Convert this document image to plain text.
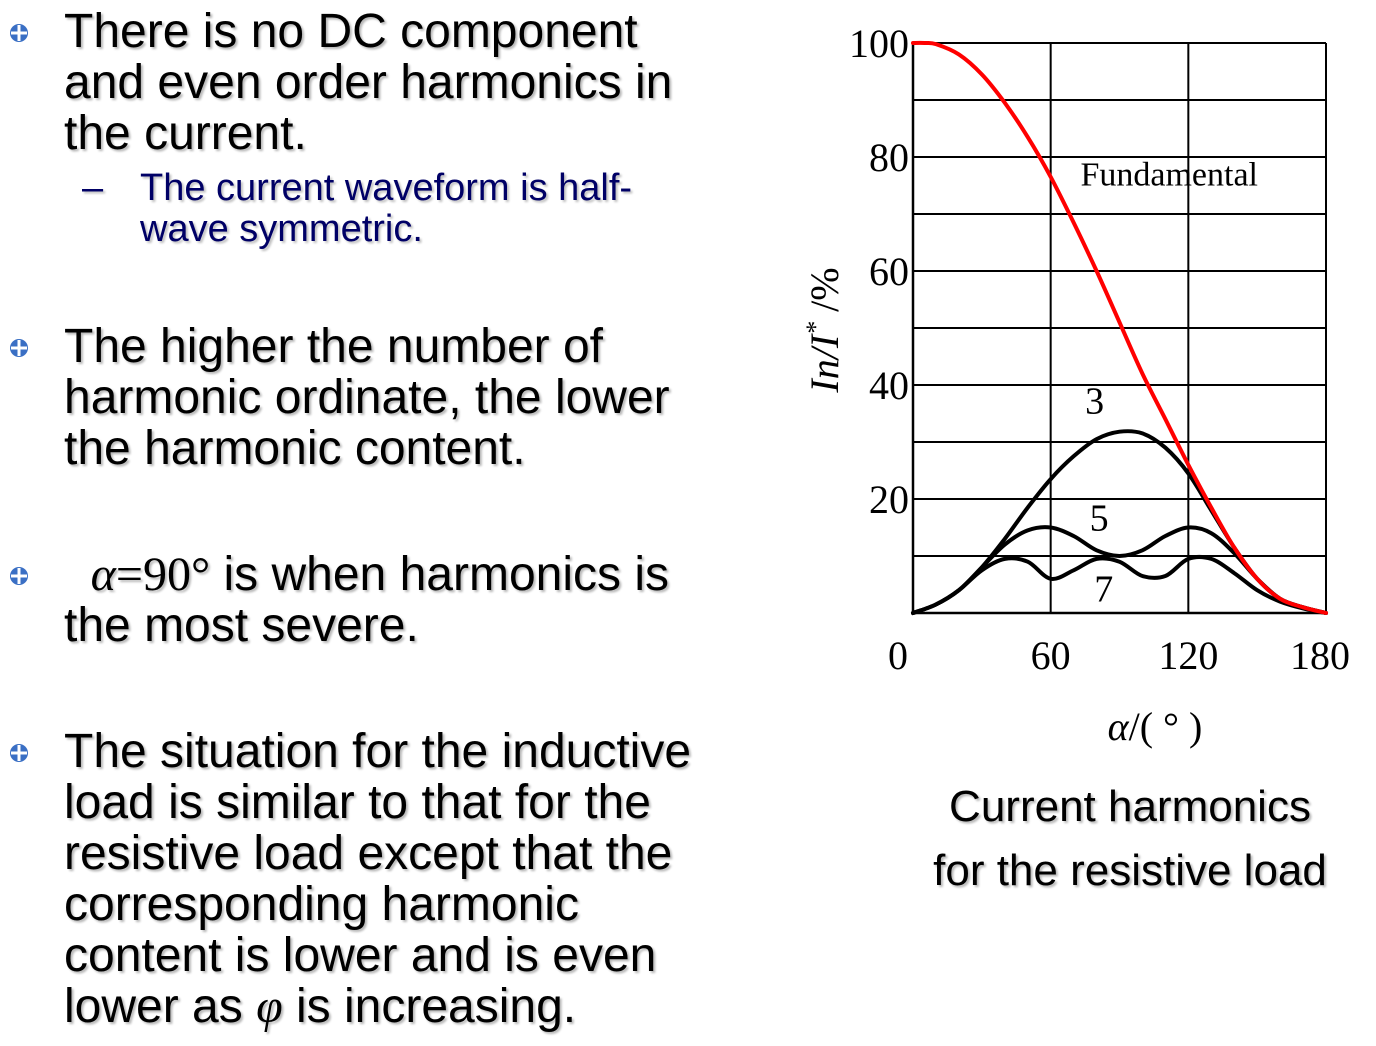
There is no DC component
and even order harmonics in
the current.
– The current waveform is half-
wave symmetric.
The higher the number of
harmonic ordinate, the lower
the harmonic content.
α=90° is when harmonics is
the most severe.
The situation for the inductive
load is similar to that for the
resistive load except that the
corresponding harmonic
content is lower and is even
lower as φ is increasing.
20
40
60
80
100
0	60 120 180
Fundamental
3
5
7
In/I* /%
α/( ° )
Current harmonics
for the resistive load
